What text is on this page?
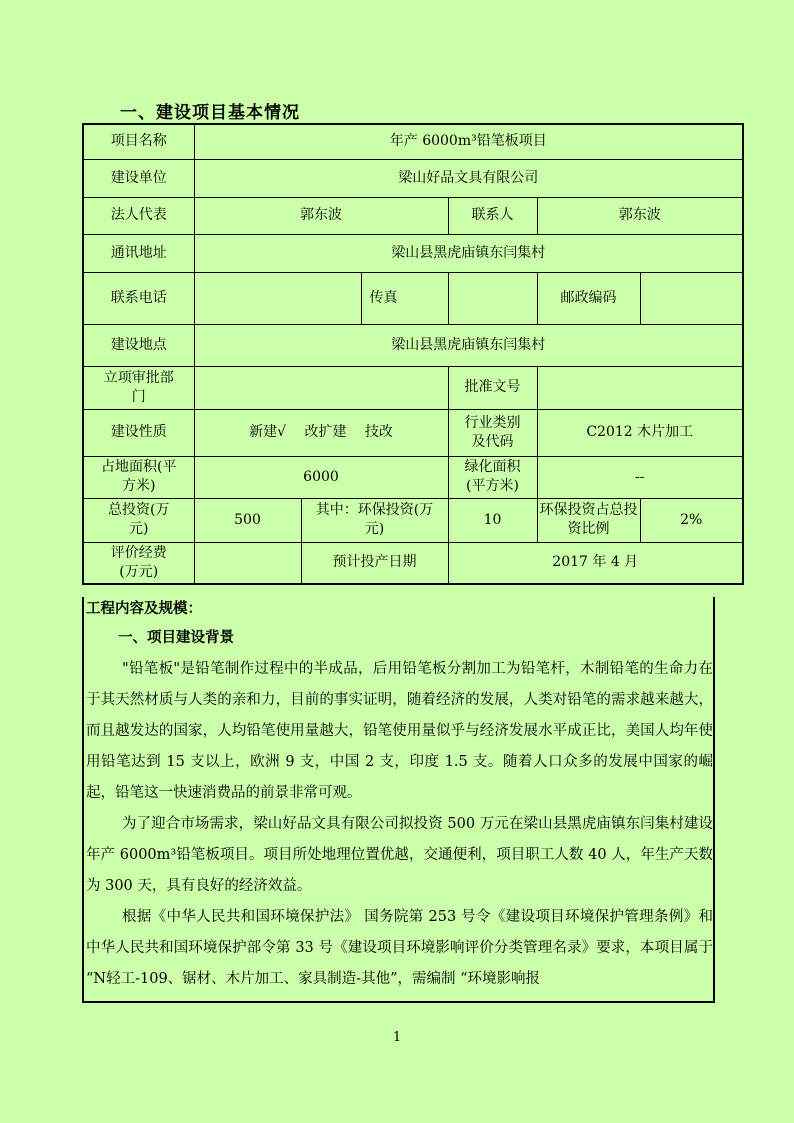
一、建设项目基本情况
项目名称	年产 6000m³铅笔板项目					
建设单位	梁山好品文具有限公司					
法人代表	郭东波			联系人	郭东波	
通讯地址	梁山县黑虎庙镇东闫集村					
联系电话			传真		邮政编码	
建设地点	梁山县黑虎庙镇东闫集村					
立项审批部门				批准文号		
建设性质	新建√　 改扩建　 技改			行业类别及代码	C2012 木片加工	
占地面积(平方米)	6000			绿化面积(平方米)	--	
总投资(万元)	500	其中：环保投资(万元)		10	环保投资占总投资比例	2%
评价经费(万元)		预计投产日期		2017 年 4 月		
工程内容及规模：
一、项目建设背景

"铅笔板"是铅笔制作过程中的半成品，后用铅笔板分割加工为铅笔杆，木制铅笔的生命力在于其天然材质与人类的亲和力，目前的事实证明，随着经济的发展，人类对铅笔的需求越来越大，而且越发达的国家，人均铅笔使用量越大，铅笔使用量似乎与经济发展水平成正比，美国人均年使用铅笔达到 15 支以上，欧洲 9 支，中国 2 支，印度 1.5 支。随着人口众多的发展中国家的崛起，铅笔这一快速消费品的前景非常可观。

为了迎合市场需求，梁山好品文具有限公司拟投资 500 万元在梁山县黑虎庙镇东闫集村建设年产 6000m³铅笔板项目。项目所处地理位置优越，交通便利，项目职工人数 40 人，年生产天数为 300 天，具有良好的经济效益。

根据《中华人民共和国环境保护法》 国务院第 253 号令《建设项目环境保护管理条例》和中华人民共和国环境保护部令第 33 号《建设项目环境影响评价分类管理名录》要求，本项目属于 “N轻工-109、锯材、木片加工、家具制造-其他”，需编制 “环境影响报

1
